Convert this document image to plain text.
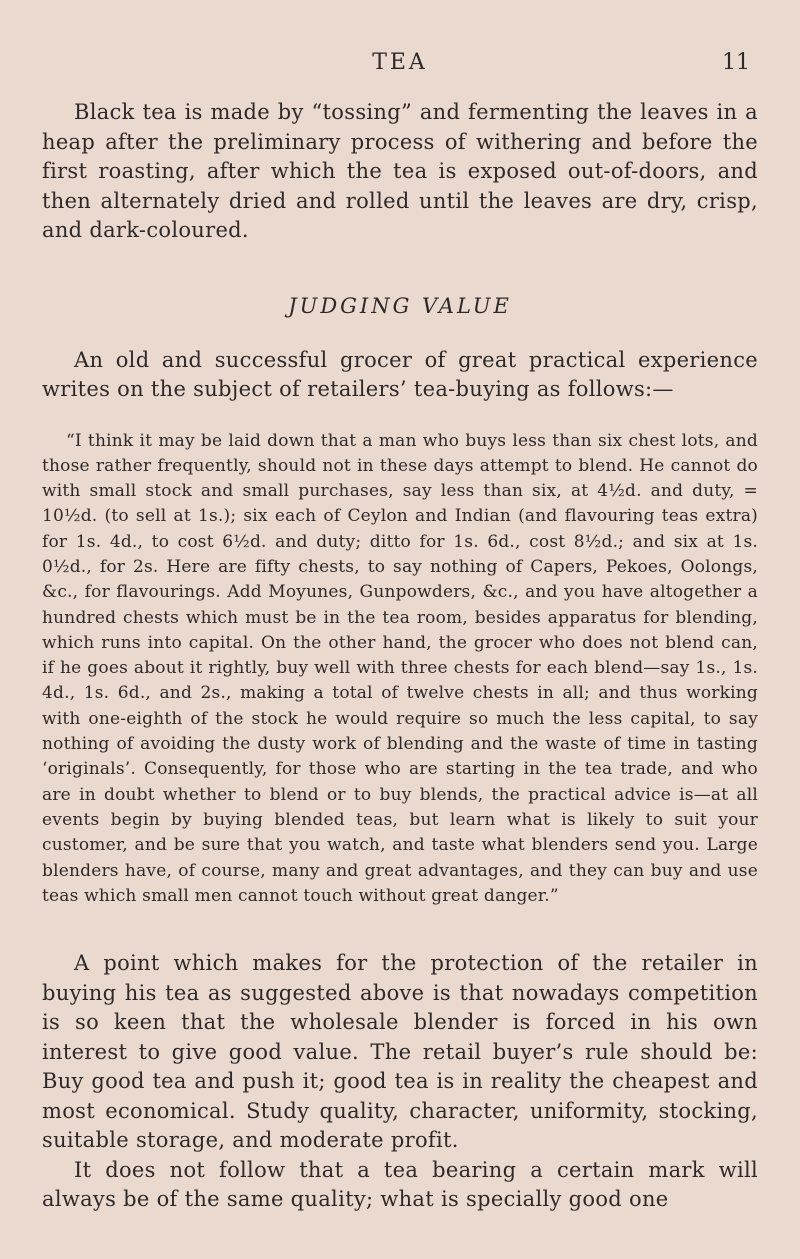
TEA	11

Black tea is made by “tossing” and fermenting the leaves in a heap after the preliminary process of withering and before the first roasting, after which the tea is exposed out-of-doors, and then alternately dried and rolled until the leaves are dry, crisp, and dark-coloured.

JUDGING VALUE

An old and successful grocer of great practical experience writes on the subject of retailers’ tea-buying as follows:—

“I think it may be laid down that a man who buys less than six chest lots, and those rather frequently, should not in these days attempt to blend. He cannot do with small stock and small purchases, say less than six, at 4½d. and duty, = 10½d. (to sell at 1s.); six each of Ceylon and Indian (and flavouring teas extra) for 1s. 4d., to cost 6½d. and duty; ditto for 1s. 6d., cost 8½d.; and six at 1s. 0½d., for 2s. Here are fifty chests, to say nothing of Capers, Pekoes, Oolongs, &c., for flavourings. Add Moyunes, Gunpowders, &c., and you have altogether a hundred chests which must be in the tea room, besides apparatus for blending, which runs into capital. On the other hand, the grocer who does not blend can, if he goes about it rightly, buy well with three chests for each blend—say 1s., 1s. 4d., 1s. 6d., and 2s., making a total of twelve chests in all; and thus working with one-eighth of the stock he would require so much the less capital, to say nothing of avoiding the dusty work of blending and the waste of time in tasting ‘originals’. Consequently, for those who are starting in the tea trade, and who are in doubt whether to blend or to buy blends, the practical advice is—at all events begin by buying blended teas, but learn what is likely to suit your customer, and be sure that you watch, and taste what blenders send you. Large blenders have, of course, many and great advantages, and they can buy and use teas which small men cannot touch without great danger.”

A point which makes for the protection of the retailer in buying his tea as suggested above is that nowadays competition is so keen that the wholesale blender is forced in his own interest to give good value. The retail buyer’s rule should be: Buy good tea and push it; good tea is in reality the cheapest and most economical. Study quality, character, uniformity, stocking, suitable storage, and moderate profit.

It does not follow that a tea bearing a certain mark will always be of the same quality; what is specially good one
